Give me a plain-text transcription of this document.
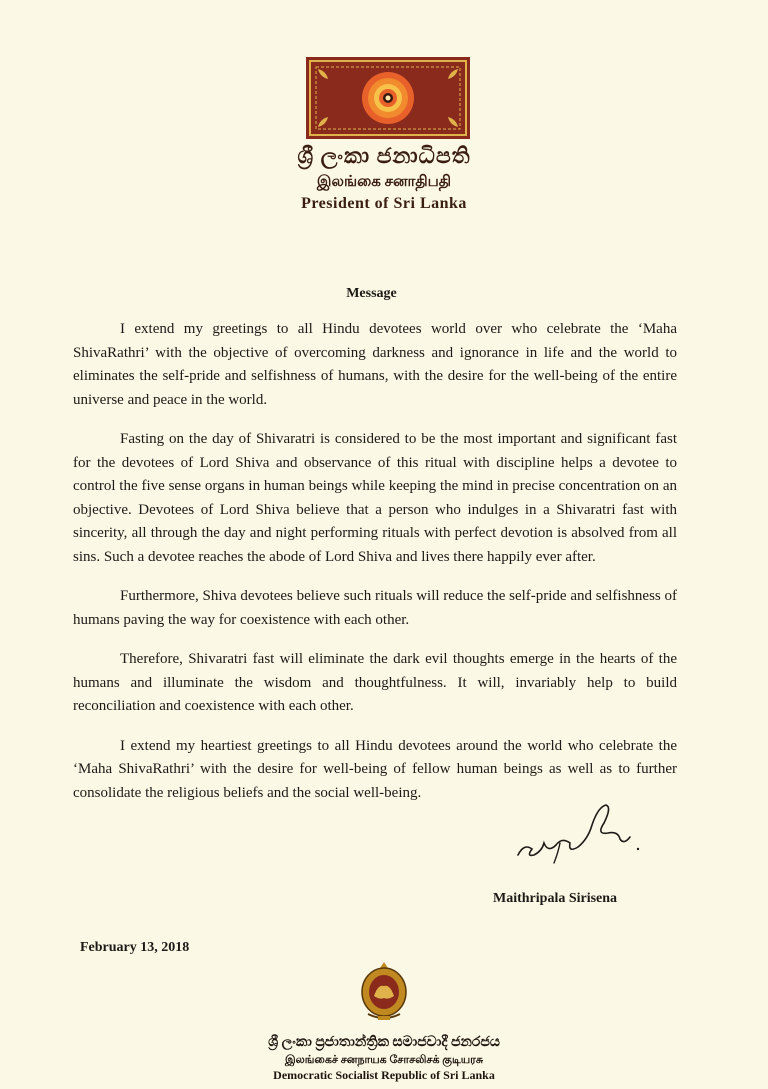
ශ්‍රී ලංකා ජනාධිපති
இலங்கை சனாதிபதி
President of Sri Lanka
Message

I extend my greetings to all Hindu devotees world over who celebrate the ‘Maha ShivaRathri’ with the objective of overcoming darkness and ignorance in life and the world to eliminates the self-pride and selfishness of humans, with the desire for the well-being of the entire universe and peace in the world.

Fasting on the day of Shivaratri is considered to be the most important and significant fast for the devotees of Lord Shiva and observance of this ritual with discipline helps a devotee to control the five sense organs in human beings while keeping the mind in precise concentration on an objective. Devotees of Lord Shiva believe that a person who indulges in a Shivaratri fast with sincerity, all through the day and night performing rituals with perfect devotion is absolved from all sins. Such a devotee reaches the abode of Lord Shiva and lives there happily ever after.

Furthermore, Shiva devotees believe such rituals will reduce the self-pride and selfishness of humans paving the way for coexistence with each other.

Therefore, Shivaratri fast will eliminate the dark evil thoughts emerge in the hearts of the humans and illuminate the wisdom and thoughtfulness. It will, invariably help to build reconciliation and coexistence with each other.

I extend my heartiest greetings to all Hindu devotees around the world who celebrate the ‘Maha ShivaRathri’ with the desire for well-being of fellow human beings as well as to further consolidate the religious beliefs and the social well-being.

Maithripala Sirisena
February 13, 2018
ශ්‍රී ලංකා ප්‍රජාතාන්ත්‍රික සමාජවාදී ජනරජය
இலங்கைச் சனநாயக சோசலிசக் குடியரசு
Democratic Socialist Republic of Sri Lanka
